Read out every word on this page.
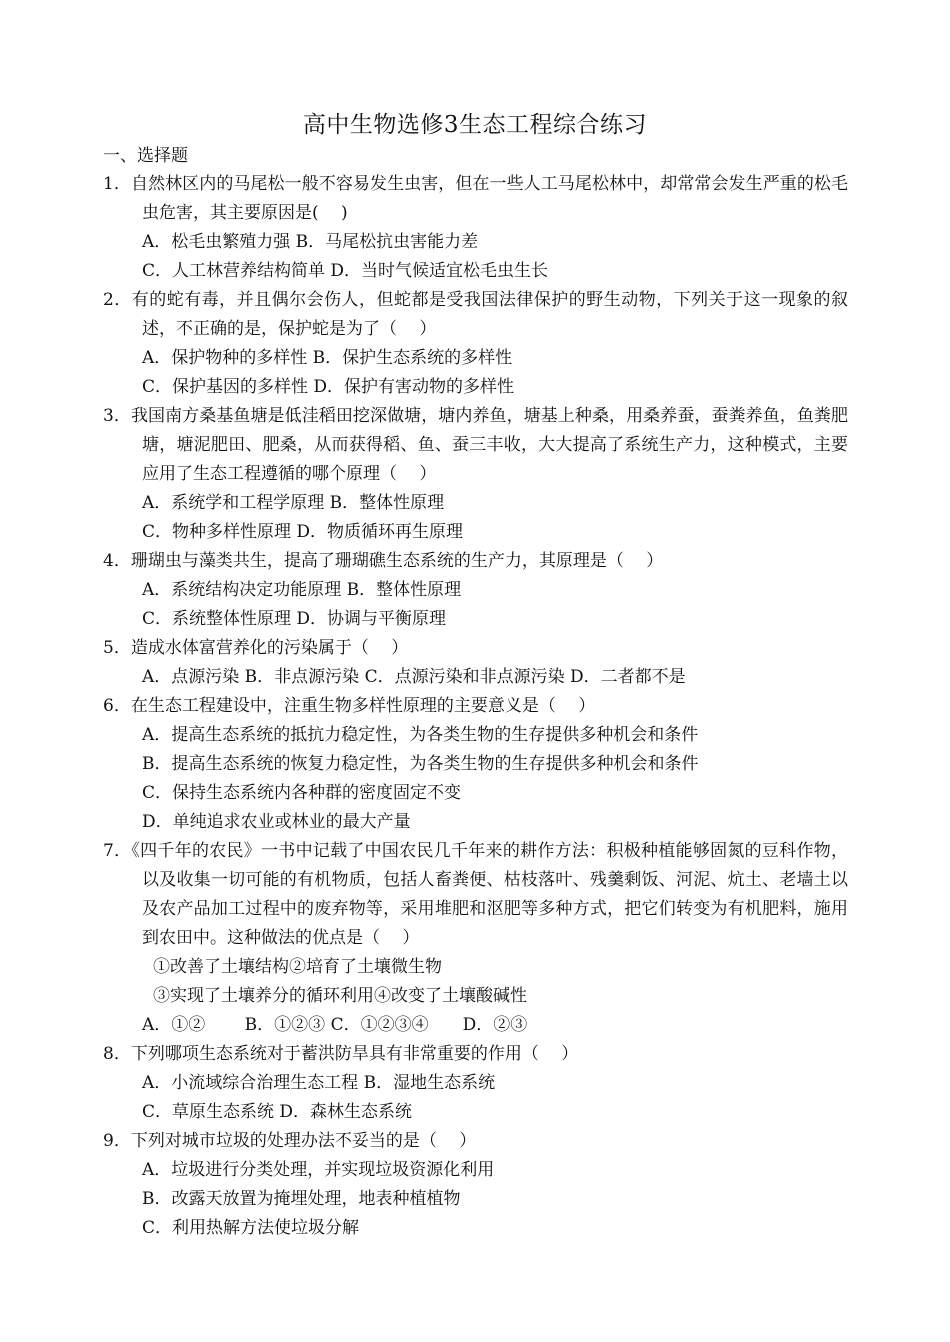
高中生物选修3生态工程综合练习
一、选择题

1．自然林区内的马尾松一般不容易发生虫害，但在一些人工马尾松林中，却常常会发生严重的松毛虫危害，其主要原因是(　 )

A．松毛虫繁殖力强 B．马尾松抗虫害能力差

C．人工林营养结构简单 D．当时气候适宜松毛虫生长

2．有的蛇有毒，并且偶尔会伤人，但蛇都是受我国法律保护的野生动物，下列关于这一现象的叙述，不正确的是，保护蛇是为了（　 ）

A．保护物种的多样性 B．保护生态系统的多样性

C．保护基因的多样性 D．保护有害动物的多样性

3．我国南方桑基鱼塘是低洼稻田挖深做塘，塘内养鱼，塘基上种桑，用桑养蚕，蚕粪养鱼，鱼粪肥塘，塘泥肥田、肥桑，从而获得稻、鱼、蚕三丰收，大大提高了系统生产力，这种模式，主要应用了生态工程遵循的哪个原理（　 ）

A．系统学和工程学原理 B．整体性原理

C．物种多样性原理 D．物质循环再生原理

4．珊瑚虫与藻类共生，提高了珊瑚礁生态系统的生产力，其原理是（　 ）

A．系统结构决定功能原理 B．整体性原理

C．系统整体性原理 D．协调与平衡原理

5．造成水体富营养化的污染属于（　 ）

A．点源污染 B．非点源污染 C．点源污染和非点源污染 D．二者都不是

6．在生态工程建设中，注重生物多样性原理的主要意义是（　 ）

A．提高生态系统的抵抗力稳定性，为各类生物的生存提供多种机会和条件

B．提高生态系统的恢复力稳定性，为各类生物的生存提供多种机会和条件

C．保持生态系统内各种群的密度固定不变

D．单纯追求农业或林业的最大产量

7．《四千年的农民》一书中记载了中国农民几千年来的耕作方法：积极种植能够固氮的豆科作物，以及收集一切可能的有机物质，包括人畜粪便、枯枝落叶、残羹剩饭、河泥、炕土、老墙土以及农产品加工过程中的废弃物等，采用堆肥和沤肥等多种方式，把它们转变为有机肥料，施用到农田中。这种做法的优点是（　 ）

①改善了土壤结构②培育了土壤微生物

③实现了土壤养分的循环利用④改变了土壤酸碱性

A．①②　　 B．①②③ C．①②③④　　D．②③

8．下列哪项生态系统对于蓄洪防旱具有非常重要的作用（　 ）

A．小流域综合治理生态工程 B．湿地生态系统

C．草原生态系统 D．森林生态系统

9．下列对城市垃圾的处理办法不妥当的是（　 ）

A．垃圾进行分类处理，并实现垃圾资源化利用

B．改露天放置为掩埋处理，地表种植植物

C．利用热解方法使垃圾分解
